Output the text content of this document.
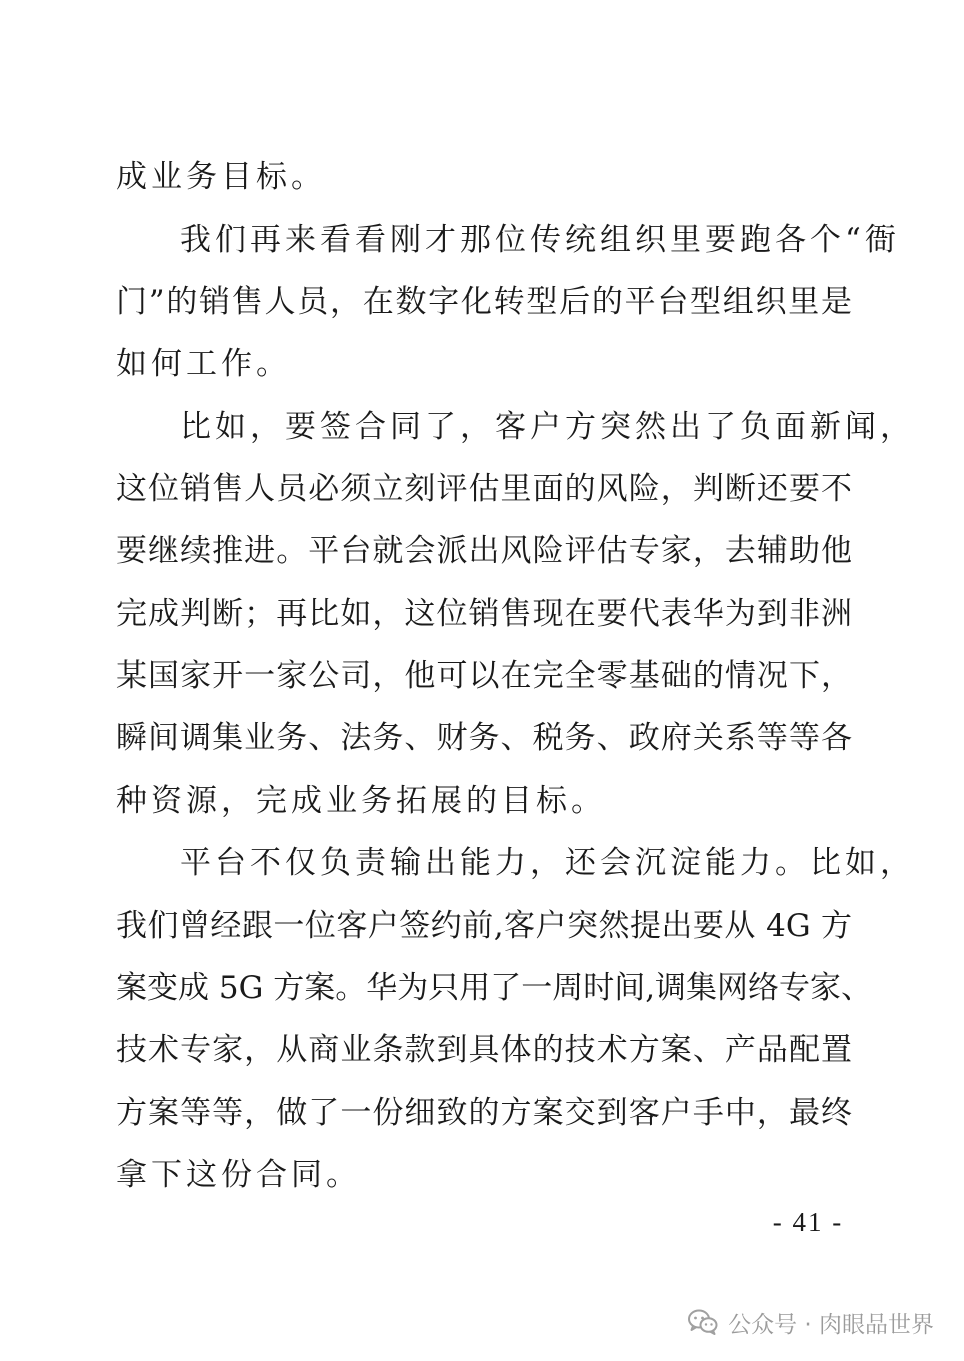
成业务目标。
我们再来看看刚才那位传统组织里要跑各个“衙
门”的销售人员，在数字化转型后的平台型组织里是
如何工作。
比如，要签合同了，客户方突然出了负面新闻，
这位销售人员必须立刻评估里面的风险，判断还要不
要继续推进。平台就会派出风险评估专家，去辅助他
完成判断；再比如，这位销售现在要代表华为到非洲
某国家开一家公司，他可以在完全零基础的情况下，
瞬间调集业务、法务、财务、税务、政府关系等等各
种资源，完成业务拓展的目标。
平台不仅负责输出能力，还会沉淀能力。比如，
我们曾经跟一位客户签约前,客户突然提出要从 4G 方
案变成 5G 方案。华为只用了一周时间,调集网络专家、
技术专家，从商业条款到具体的技术方案、产品配置
方案等等，做了一份细致的方案交到客户手中，最终
拿下这份合同。
- 41 -
公众号 · 肉眼品世界
